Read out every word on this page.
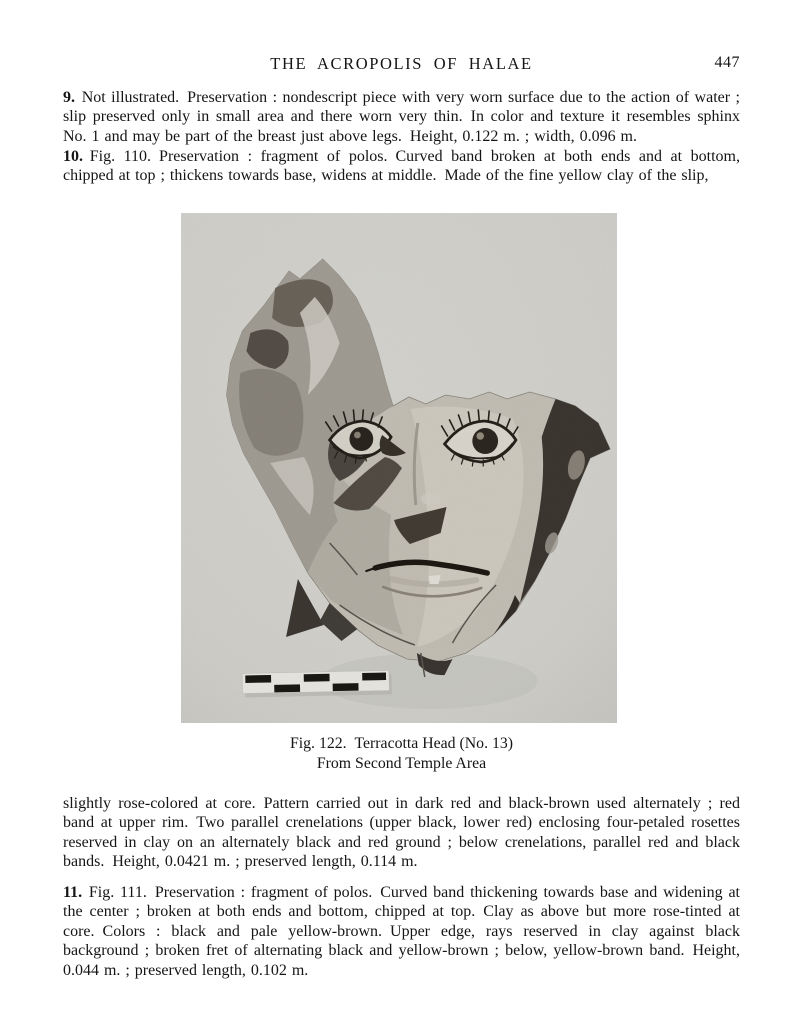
THE ACROPOLIS OF HALAE	447

9. Not illustrated. Preservation : nondescript piece with very worn surface due to the action of water ; slip preserved only in small area and there worn very thin. In color and texture it resembles sphinx No. 1 and may be part of the breast just above legs. Height, 0.122 m. ; width, 0.096 m.

10. Fig. 110. Preservation : fragment of polos. Curved band broken at both ends and at bottom, chipped at top ; thickens towards base, widens at middle. Made of the fine yellow clay of the slip,

Fig. 122. Terracotta Head (No. 13)
From Second Temple Area

slightly rose-colored at core. Pattern carried out in dark red and black-brown used alternately ; red band at upper rim. Two parallel crenelations (upper black, lower red) enclosing four-petaled rosettes reserved in clay on an alternately black and red ground ; below crenelations, parallel red and black bands. Height, 0.0421 m. ; preserved length, 0.114 m.

11. Fig. 111. Preservation : fragment of polos. Curved band thickening towards base and widening at the center ; broken at both ends and bottom, chipped at top. Clay as above but more rose-tinted at core. Colors : black and pale yellow-brown. Upper edge, rays reserved in clay against black background ; broken fret of alternating black and yellow-brown ; below, yellow-brown band. Height, 0.044 m. ; preserved length, 0.102 m.
